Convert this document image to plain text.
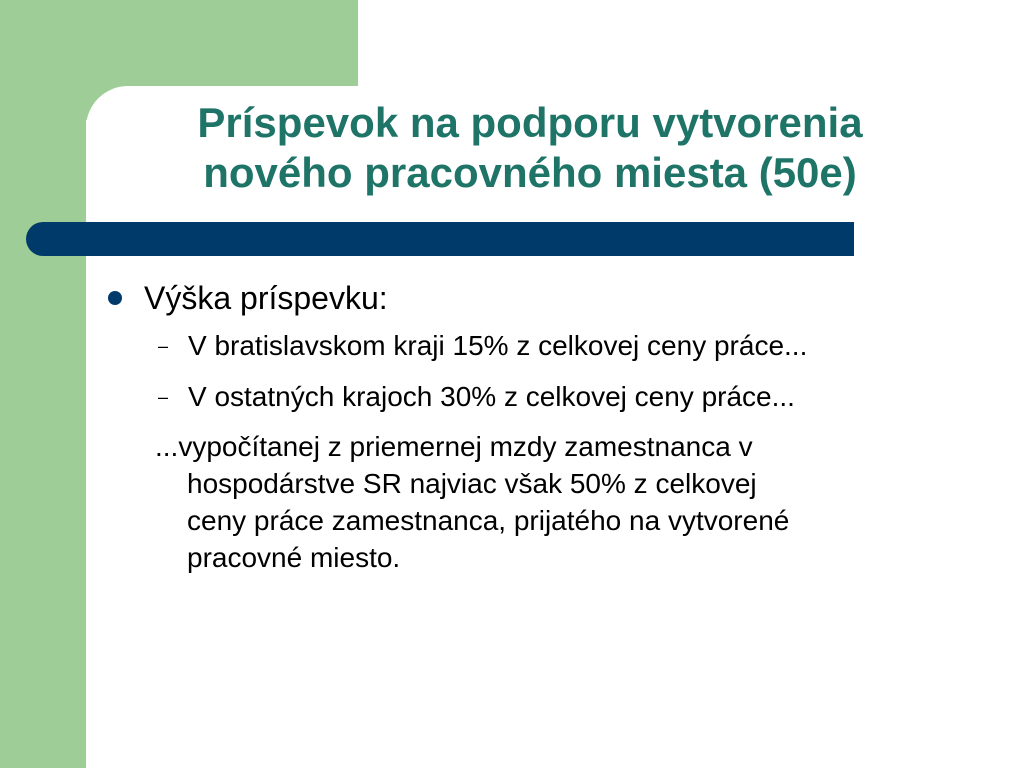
Príspevok na podporu vytvorenia
nového pracovného miesta (50e)
Výška príspevku:
– V bratislavskom kraji 15% z celkovej ceny práce...
– V ostatných krajoch 30% z celkovej ceny práce...
...vypočítanej z priemernej mzdy zamestnanca v
hospodárstve SR najviac však 50% z celkovej
ceny práce zamestnanca, prijatého na vytvorené
pracovné miesto.
